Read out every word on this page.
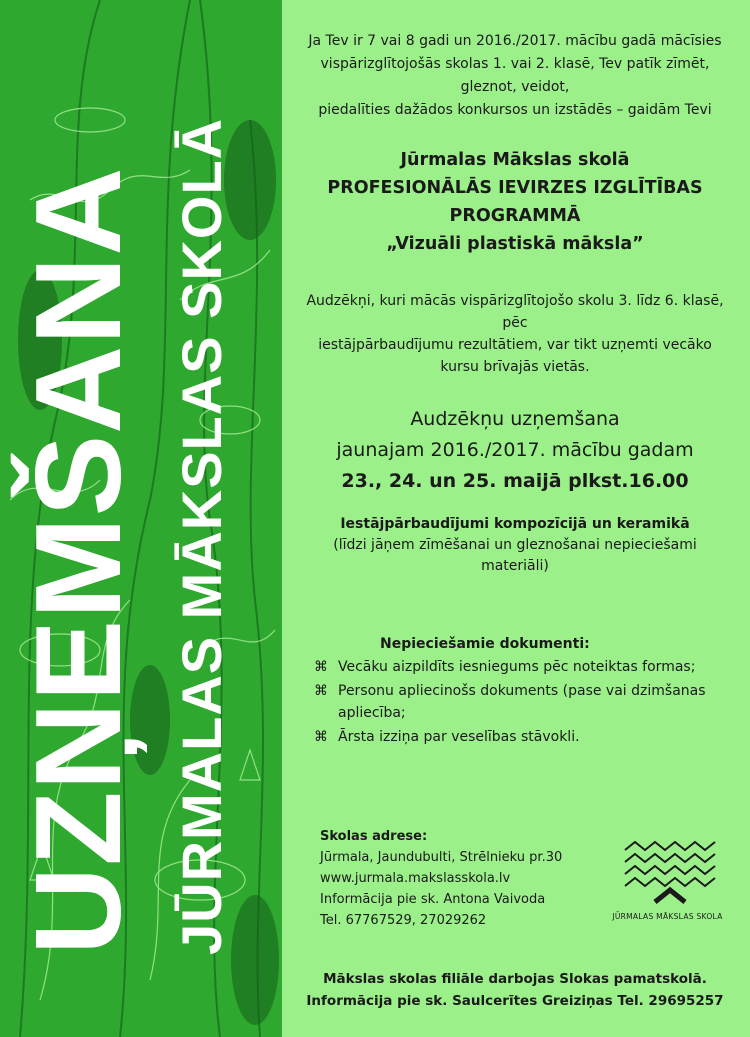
UZŅEMŠANA JŪRMALAS MĀKSLAS SKOLĀ

Ja Tev ir 7 vai 8 gadi un 2016./2017. mācību gadā mācīsies

vispārizglītojošās skolas 1. vai 2. klasē, Tev patīk zīmēt,

gleznot, veidot,

piedalīties dažādos konkursos un izstādēs – gaidām Tevi

Jūrmalas Mākslas skolā

PROFESIONĀLĀS IEVIRZES IZGLĪTĪBAS

PROGRAMMĀ

„Vizuāli plastiskā māksla”

Audzēkņi, kuri mācās vispārizglītojošo skolu 3. līdz 6. klasē,

pēc

iestājpārbaudījumu rezultātiem, var tikt uzņemti vecāko

kursu brīvajās vietās.

Audzēkņu uzņemšana

jaunajam 2016./2017. mācību gadam

23., 24. un 25. maijā plkst.16.00

Iestājpārbaudījumi kompozīcijā un keramikā

(līdzi jāņem zīmēšanai un gleznošanai nepieciešami

materiāli)

Nepieciešamie dokumenti:
⌘ Vecāku aizpildīts iesniegums pēc noteiktas formas;
⌘ Personu apliecinošs dokuments (pase vai dzimšanas apliecība;
⌘ Ārsta izziņa par veselības stāvokli.

Skolas adrese:

Jūrmala, Jaundubulti, Strēlnieku pr.30

www.jurmala.makslasskola.lv

Informācija pie sk. Antona Vaivoda

Tel. 67767529, 27029262	JŪRMALAS MĀKSLAS SKOLA

Mākslas skolas filiāle darbojas Slokas pamatskolā.

Informācija pie sk. Saulcerītes Greiziņas Tel. 29695257
